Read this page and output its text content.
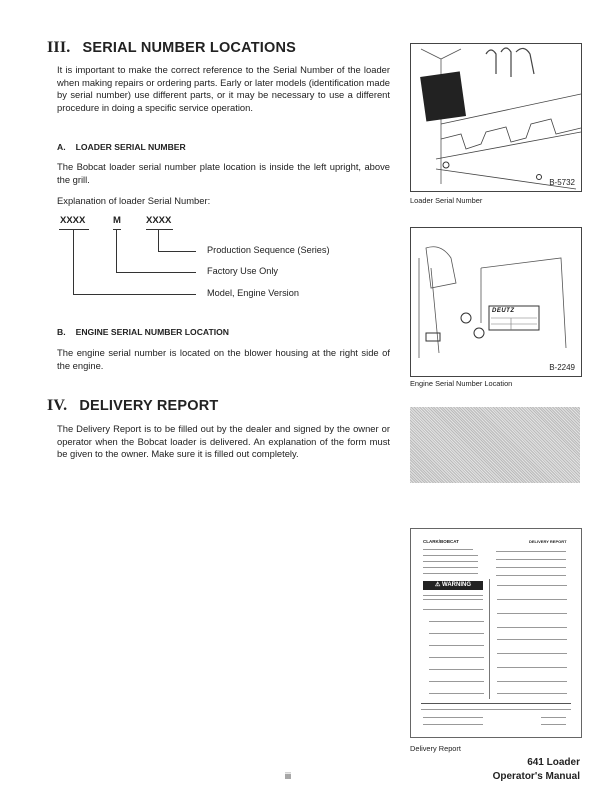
III. SERIAL NUMBER LOCATIONS
It is important to make the correct reference to the Serial Number of the loader when making repairs or ordering parts. Early or later models (identification made by serial number) use different parts, or it may be necessary to use a different procedure in doing a specific service operation.
A. LOADER SERIAL NUMBER
The Bobcat loader serial number plate location is inside the left upright, above the grill.
Explanation of loader Serial Number:
XXXX	M	XXXX
Production Sequence (Series)
Factory Use Only
Model, Engine Version
B. ENGINE SERIAL NUMBER LOCATION
The engine serial number is located on the blower housing at the right side of the engine.
IV. DELIVERY REPORT
The Delivery Report is to be filled out by the dealer and signed by the owner or operator when the Bobcat loader is delivered. An explanation of the form must be given to the owner. Make sure it is filled out completely.
B-5732
Loader Serial Number
DEUTZ
B-2249
Engine Serial Number Location
CLARK/BOBCAT	DELIVERY REPORT
⚠ WARNING
Delivery Report
iii
641 Loader
Operator's Manual
